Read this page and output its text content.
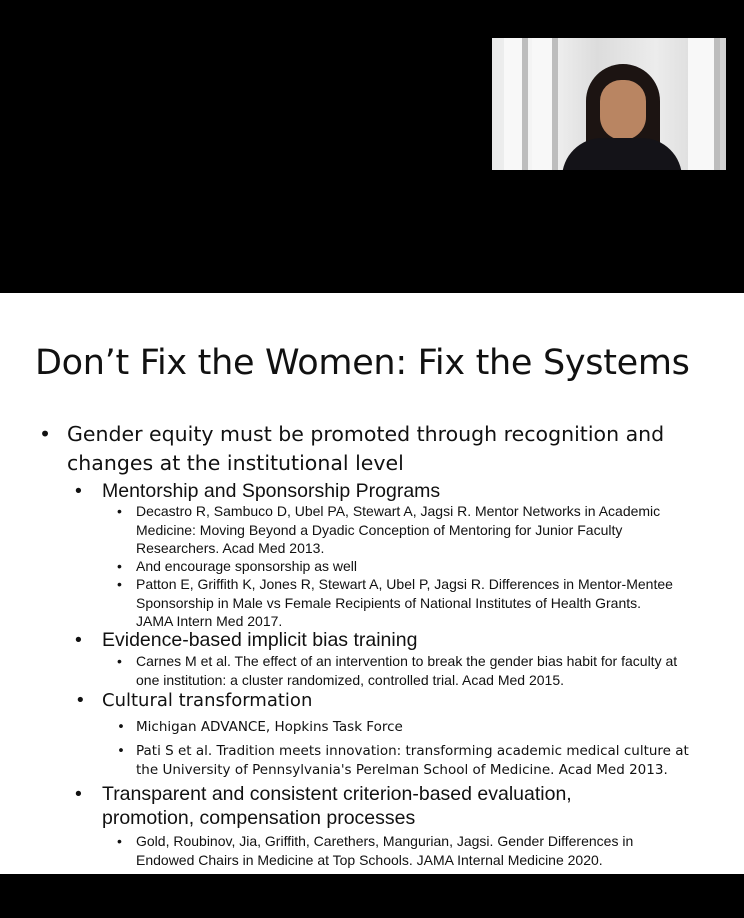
Don’t Fix the Women: Fix the Systems
• Gender equity must be promoted through recognition and
changes at the institutional level
• Mentorship and Sponsorship Programs
• Decastro R, Sambuco D, Ubel PA, Stewart A, Jagsi R. Mentor Networks in Academic
Medicine: Moving Beyond a Dyadic Conception of Mentoring for Junior Faculty
Researchers. Acad Med 2013.
• And encourage sponsorship as well
• Patton E, Griffith K, Jones R, Stewart A, Ubel P, Jagsi R. Differences in Mentor-Mentee
Sponsorship in Male vs Female Recipients of National Institutes of Health Grants.
JAMA Intern Med 2017.
• Evidence-based implicit bias training
• Carnes M et al. The effect of an intervention to break the gender bias habit for faculty at
one institution: a cluster randomized, controlled trial. Acad Med 2015.
• Cultural transformation
• Michigan ADVANCE, Hopkins Task Force
• Pati S et al. Tradition meets innovation: transforming academic medical culture at
the University of Pennsylvania's Perelman School of Medicine. Acad Med 2013.
• Transparent and consistent criterion-based evaluation,
promotion, compensation processes
• Gold, Roubinov, Jia, Griffith, Carethers, Mangurian, Jagsi. Gender Differences in
Endowed Chairs in Medicine at Top Schools. JAMA Internal Medicine 2020.
